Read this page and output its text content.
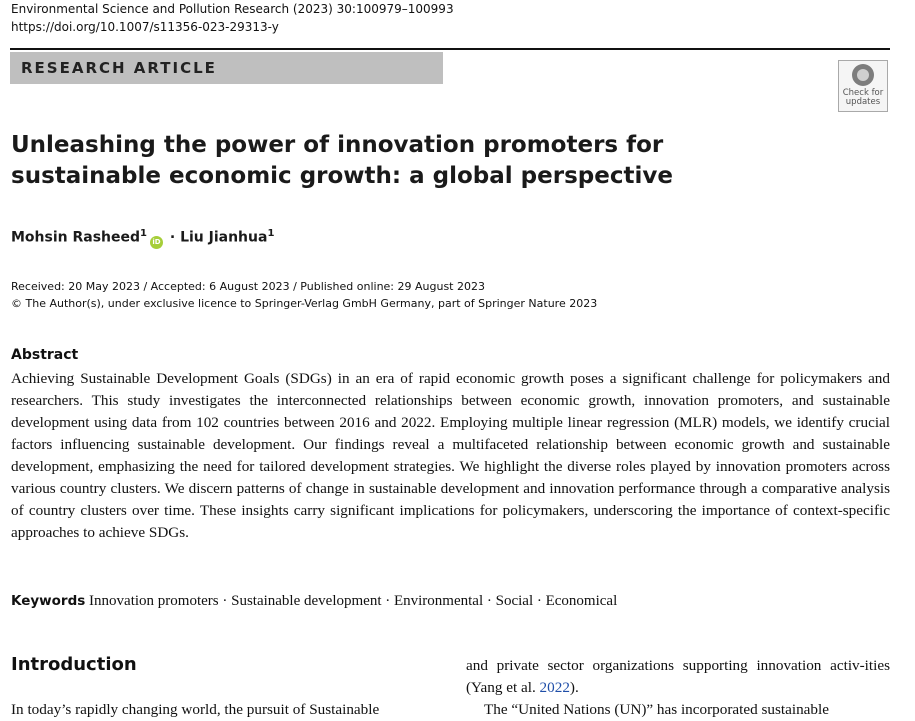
Environmental Science and Pollution Research (2023) 30:100979–100993
https://doi.org/10.1007/s11356-023-29313-y
RESEARCH ARTICLE
Check for
updates
Unleashing the power of innovation promoters for sustainable economic growth: a global perspective
Mohsin Rasheed$^1$iD · Liu Jianhua$^1$
Received: 20 May 2023 / Accepted: 6 August 2023 / Published online: 29 August 2023
© The Author(s), under exclusive licence to Springer-Verlag GmbH Germany, part of Springer Nature 2023
Abstract
Achieving Sustainable Development Goals (SDGs) in an era of rapid economic growth poses a significant challenge for policymakers and researchers. This study investigates the interconnected relationships between economic growth, innovation promoters, and sustainable development using data from 102 countries between 2016 and 2022. Employing multiple linear regression (MLR) models, we identify crucial factors influencing sustainable development. Our findings reveal a multifaceted relationship between economic growth and sustainable development, emphasizing the need for tailored development strategies. We highlight the diverse roles played by innovation promoters across various country clusters. We discern patterns of change in sustainable development and innovation performance through a comparative analysis of country clusters over time. These insights carry significant implications for policymakers, underscoring the importance of context-specific approaches to achieve SDGs.
Keywords Innovation promoters · Sustainable development · Environmental · Social · Economical
Introduction
In today’s rapidly changing world, the pursuit of Sustainable
and private sector organizations supporting innovation activ-ities (Yang et al. 2022).
The “United Nations (UN)” has incorporated sustainable
